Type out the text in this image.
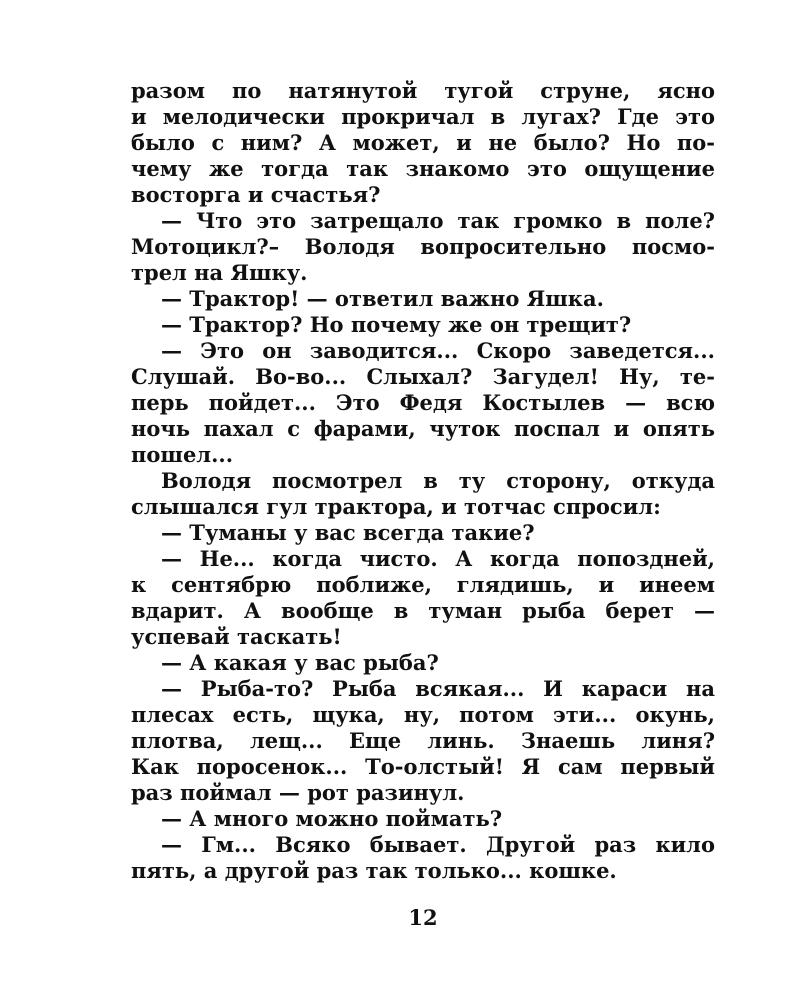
разом по натянутой тугой струне, ясно

и мелодически прокричал в лугах? Где это

было с ним? А может, и не было? Но по-

чему же тогда так знакомо это ощущение

восторга и счастья?

— Что это затрещало так громко в поле?

Мотоцикл?– Володя вопросительно посмо-

трел на Яшку.

— Трактор! — ответил важно Яшка.

— Трактор? Но почему же он трещит?

— Это он заводится... Скоро заведется...

Слушай. Во-во... Слыхал? Загудел! Ну, те-

перь пойдет... Это Федя Костылев — всю

ночь пахал с фарами, чуток поспал и опять

пошел...

Володя посмотрел в ту сторону, откуда

слышался гул трактора, и тотчас спросил:

— Туманы у вас всегда такие?

— Не... когда чисто. А когда попоздней,

к сентябрю поближе, глядишь, и инеем

вдарит. А вообще в туман рыба берет —

успевай таскать!

— А какая у вас рыба?

— Рыба-то? Рыба всякая... И караси на

плесах есть, щука, ну, потом эти... окунь,

плотва, лещ... Еще линь. Знаешь линя?

Как поросенок... То-олстый! Я сам первый

раз поймал — рот разинул.

— А много можно поймать?

— Гм... Всяко бывает. Другой раз кило

пять, а другой раз так только... кошке.

12
